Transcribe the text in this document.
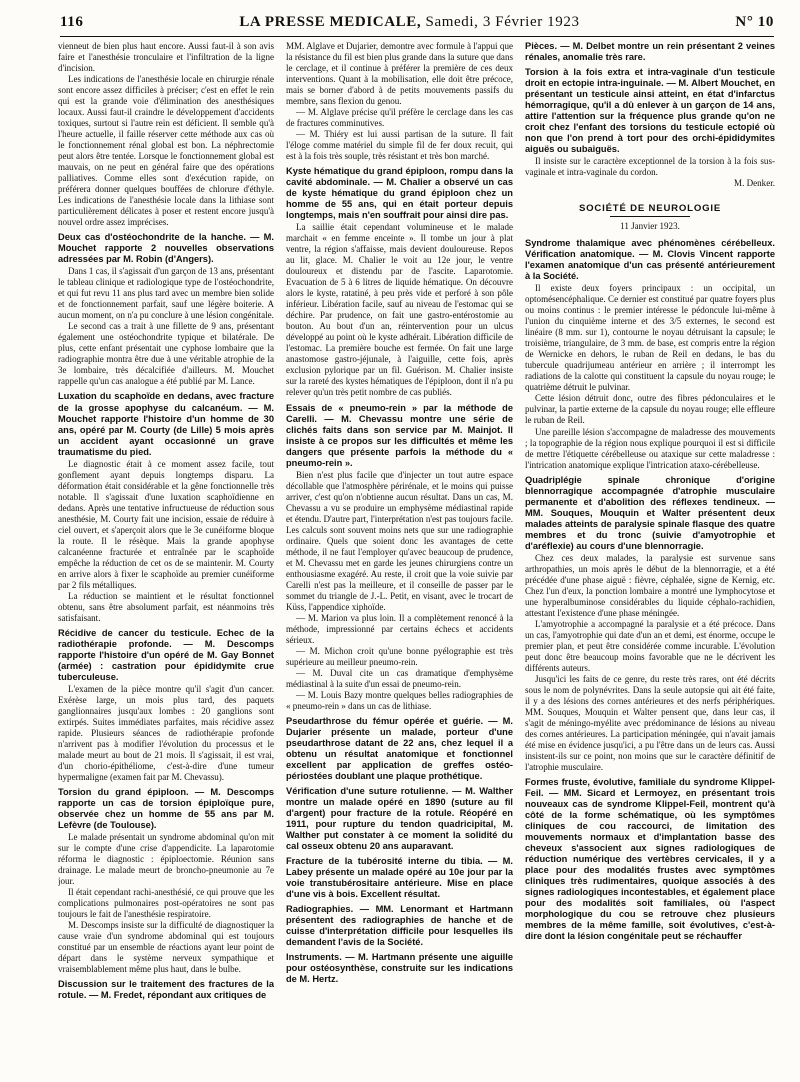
116	LA PRESSE MEDICALE, Samedi, 3 Février 1923	N° 10

vienneut de bien plus haut encore. Aussi faut-il à son avis faire et l'anesthésie tronculaire et l'infiltration de la ligne d'incision.

Les indications de l'anesthésie locale en chirurgie rénale sont encore assez difficiles à préciser; c'est en effet le rein qui est la grande voie d'élimination des anesthésiques locaux. Aussi faut-il craindre le développement d'accidents toxiques, surtout si l'autre rein est déficient. Il semble qu'à l'heure actuelle, il faille réserver cette méthode aux cas où le fonctionnement rénal global est bon. La néphrectomie peut alors être tentée. Lorsque le fonctionnement global est mauvais, on ne peut en général faire que des opérations palliatives. Comme elles sont d'exécution rapide, on préférera donner quelques bouffées de chlorure d'éthyle. Les indications de l'anesthésie locale dans la lithiase sont particulièrement délicates à poser et restent encore jusqu'à nouvel ordre assez imprécises.

Deux cas d'ostéochondrite de la hanche. — M. Mouchet rapporte 2 nouvelles observations adressées par M. Robin (d'Angers).

Dans 1 cas, il s'agissait d'un garçon de 13 ans, présentant le tableau clinique et radiologique type de l'ostéochondrite, et qui fut revu 11 ans plus tard avec un membre bien solide et de fonctionnement parfait, sauf une légère boiterie. A aucun moment, on n'a pu conclure à une lésion congénitale.

Le second cas a trait à une fillette de 9 ans, présentant également une ostéochondrite typique et bilatérale. De plus, cette enfant présentait une cyphose lombaire que la radiographie montra être due à une véritable atrophie de la 3e lombaire, très décalcifiée d'ailleurs. M. Mouchet rappelle qu'un cas analogue a été publié par M. Lance.

Luxation du scaphoïde en dedans, avec fracture de la grosse apophyse du calcanéum. — M. Mouchet rapporte l'histoire d'un homme de 30 ans, opéré par M. Courty (de Lille) 5 mois après un accident ayant occasionné un grave traumatisme du pied.

Le diagnostic était à ce moment assez facile, tout gonflement ayant depuis longtemps disparu. La déformation était considérable et la gêne fonctionnelle très notable. Il s'agissait d'une luxation scaphoïdienne en dedans. Après une tentative infructueuse de réduction sous anesthésie, M. Courty fait une incision, essaie de réduire à ciel ouvert, et s'aperçoit alors que le 3e cunéiforme bloque la route. Il le résèque. Mais la grande apophyse calcanéenne fracturée et entraînée par le scaphoïde empêche la réduction de cet os de se maintenir. M. Courty en arrive alors à fixer le scaphoïde au premier cunéiforme par 2 fils métalliques.

La réduction se maintient et le résultat fonctionnel obtenu, sans être absolument parfait, est néanmoins très satisfaisant.

Récidive de cancer du testicule. Echec de la radiothérapie profonde. — M. Descomps rapporte l'histoire d'un opéré de M. Gay Bonnet (armée) : castration pour épididymite crue tuberculeuse.

L'examen de la pièce montre qu'il s'agit d'un cancer. Exérèse large, un mois plus tard, des paquets ganglionnaires jusqu'aux lombes : 20 ganglions sont extirpés. Suites immédiates parfaites, mais récidive assez rapide. Plusieurs séances de radiothérapie profonde n'arrivent pas à modifier l'évolution du processus et le malade meurt au bout de 21 mois. Il s'agissait, il est vrai, d'un chorio-épithéliome, c'est-à-dire d'une tumeur hypermaligne (examen fait par M. Chevassu).

Torsion du grand épiploon. — M. Descomps rapporte un cas de torsion épiploïque pure, observée chez un homme de 55 ans par M. Lefèvre (de Toulouse).

Le malade présentait un syndrome abdominal qu'on mit sur le compte d'une crise d'appendicite. La laparotomie réforma le diagnostic : épiploectomie. Réunion sans drainage. Le malade meurt de broncho-pneumonie au 7e jour.

Il était cependant rachi-anesthésié, ce qui prouve que les complications pulmonaires post-opératoires ne sont pas toujours le fait de l'anesthésie respiratoire.

M. Descomps insiste sur la difficulté de diagnostiquer la cause vraie d'un syndrome abdominal qui est toujours constitué par un ensemble de réactions ayant leur point de départ dans le système nerveux sympathique et vraisemblablement même plus haut, dans le bulbe.

Discussion sur le traitement des fractures de la rotule. — M. Fredet, répondant aux critiques de

MM. Alglave et Dujarier, demontre avec formule à l'appui que la résistance du fil est bien plus grande dans la suture que dans le cerclage, et il continue à préférer la première de ces deux interventions. Quant à la mobilisation, elle doit être précoce, mais se borner d'abord à de petits mouvements passifs du membre, sans flexion du genou.

— M. Alglave précise qu'il préfère le cerclage dans les cas de fractures comminutives.

— M. Thiéry est lui aussi partisan de la suture. Il fait l'éloge comme matériel du simple fil de fer doux recuit, qui est à la fois très souple, très résistant et très bon marché.

Kyste hématique du grand épiploon, rompu dans la cavité abdominale. — M. Chalier a observé un cas de kyste hématique du grand épiploon chez un homme de 55 ans, qui en était porteur depuis longtemps, mais n'en souffrait pour ainsi dire pas.

La saillie était cependant volumineuse et le malade marchait « en femme enceinte ». Il tombe un jour à plat ventre, la région s'affaisse, mais devient douloureuse. Repos au lit, glace. M. Chalier le voit au 12e jour, le ventre douloureux et distendu par de l'ascite. Laparotomie. Evacuation de 5 à 6 litres de liquide hématique. On découvre alors le kyste, ratatiné, à peu près vide et perforé à son pôle inférieur. Libération facile, sauf au niveau de l'estomac qui se déchire. Par prudence, on fait une gastro-entérostomie au bouton. Au bout d'un an, réintervention pour un ulcus développé au point où le kyste adhérait. Libération difficile de l'estomac. La première bouche est fermée. On fait une large anastomose gastro-jéjunale, à l'aiguille, cette fois, après exclusion pylorique par un fil. Guérison. M. Chalier insiste sur la rareté des kystes hématiques de l'épiploon, dont il n'a pu relever qu'un très petit nombre de cas publiés.

Essais de « pneumo-rein » par la méthode de Carelli. — M. Chevassu montre une série de clichés faits dans son service par M. Mainjot. Il insiste à ce propos sur les difficultés et même les dangers que présente parfois la méthode du « pneumo-rein ».

Bien n'est plus facile que d'injecter un tout autre espace décollable que l'atmosphère périrénale, et le moins qui puisse arriver, c'est qu'on n'obtienne aucun résultat. Dans un cas, M. Chevassu a vu se produire un emphysème médiastinal rapide et étendu. D'autre part, l'interprétation n'est pas toujours facile. Les calculs sont souvent moins nets que sur une radiographie ordinaire. Quels que soient donc les avantages de cette méthode, il ne faut l'employer qu'avec beaucoup de prudence, et M. Chevassu met en garde les jeunes chirurgiens contre un enthousiasme exagéré. Au reste, il croit que la voie suivie par Carelli n'est pas la meilleure, et il conseille de passer par le sommet du triangle de J.-L. Petit, en visant, avec le trocart de Küss, l'appendice xiphoïde.

— M. Marion va plus loin. Il a complètement renoncé à la méthode, impressionné par certains échecs et accidents sérieux.

— M. Michon croit qu'une bonne pyélographie est très supérieure au meilleur pneumo-rein.

— M. Duval cite un cas dramatique d'emphysème médiastinal à la suite d'un essai de pneumo-rein.

— M. Louis Bazy montre quelques belles radiographies de « pneumo-rein » dans un cas de lithiase.

Pseudarthrose du fémur opérée et guérie. — M. Dujarier présente un malade, porteur d'une pseudarthrose datant de 22 ans, chez lequel il a obtenu un résultat anatomique et fonctionnel excellent par application de greffes ostéo-périostées doublant une plaque prothétique.
Vérification d'une suture rotulienne. — M. Walther montre un malade opéré en 1890 (suture au fil d'argent) pour fracture de la rotule. Réopéré en 1911, pour rupture du tendon quadricipital, M. Walther put constater à ce moment la solidité du cal osseux obtenu 20 ans auparavant.
Fracture de la tubérosité interne du tibia. — M. Labey présente un malade opéré au 10e jour par la voie transtubérositaire antérieure. Mise en place d'une vis à bois. Excellent résultat.
Radiographies. — MM. Lenormant et Hartmann présentent des radiographies de hanche et de cuisse d'interprétation difficile pour lesquelles ils demandent l'avis de la Société.
Instruments. — M. Hartmann présente une aiguille pour ostéosynthèse, construite sur les indications de M. Hertz.
Pièces. — M. Delbet montre un rein présentant 2 veines rénales, anomalie très rare.
Torsion à la fois extra et intra-vaginale d'un testicule droit en ectopie intra-inguinale. — M. Albert Mouchet, en présentant un testicule ainsi atteint, en état d'infarctus hémorragique, qu'il a dû enlever à un garçon de 14 ans, attire l'attention sur la fréquence plus grande qu'on ne croit chez l'enfant des torsions du testicule ectopié où non que l'on prend à tort pour des orchi-épididymites aiguës ou subaiguës.

Il insiste sur le caractère exceptionnel de la torsion à la fois sus-vaginale et intra-vaginale du cordon.

M. Denker.

SOCIÉTÉ DE NEUROLOGIE
11 Janvier 1923.
Syndrome thalamique avec phénomènes cérébelleux. Vérification anatomique. — M. Clovis Vincent rapporte l'examen anatomique d'un cas présenté antérieurement à la Société.

Il existe deux foyers principaux : un occipital, un optomésencéphalique. Ce dernier est constitué par quatre foyers plus ou moins continus : le premier intéresse le pédoncule lui-même à l'union du cinquième interne et des 3/5 externes, le second est linéaire (8 mm. sur 1), contourne le noyau détruisant la capsule; le troisième, triangulaire, de 3 mm. de base, est compris entre la région de Wernicke en dehors, le ruban de Reil en dedans, le bas du tubercule quadrijumeau antérieur en arrière ; il interrompt les radiations de la calotte qui constituent la capsule du noyau rouge; le quatrième détruit le pulvinar.

Cette lésion détruit donc, outre des fibres pédonculaires et le pulvinar, la partie externe de la capsule du noyau rouge; elle effleure le ruban de Reil.

Une pareille lésion s'accompagne de maladresse des mouvements ; la topographie de la région nous explique pourquoi il est si difficile de mettre l'étiquette cérébelleuse ou ataxique sur cette maladresse : l'intrication anatomique explique l'intrication ataxo-cérébelleuse.

Quadriplégie spinale chronique d'origine blennorragique accompagnée d'atrophie musculaire permanente et d'abolition des réflexes tendineux. — MM. Souques, Mouquin et Walter présentent deux malades atteints de paralysie spinale flasque des quatre membres et du tronc (suivie d'amyotrophie et d'aréflexie) au cours d'une blennorragie.

Chez ces deux malades, la paralysie est survenue sans arthropathies, un mois après le début de la blennorragie, et a été précédée d'une phase aiguë : fièvre, céphalée, signe de Kernig, etc. Chez l'un d'eux, la ponction lombaire a montré une lymphocytose et une hyperalbuminose considérables du liquide céphalo-rachidien, attestant l'existence d'une phase méningée.

L'amyotrophie a accompagné la paralysie et a été précoce. Dans un cas, l'amyotrophie qui date d'un an et demi, est énorme, occupe le premier plan, et peut être considérée comme incurable. L'évolution peut donc être beaucoup moins favorable que ne le décrivent les différents auteurs.

Jusqu'ici les faits de ce genre, du reste très rares, ont été décrits sous le nom de polynévrites. Dans la seule autopsie qui ait été faite, il y a des lésions des cornes antérieures et des nerfs périphériques. MM. Souques, Mouquin et Walter pensent que, dans leur cas, il s'agit de méningo-myélite avec prédominance de lésions au niveau des cornes antérieures. La participation méningée, qui n'avait jamais été mise en évidence jusqu'ici, a pu l'être dans un de leurs cas. Aussi insistent-ils sur ce point, non moins que sur le caractère définitif de l'atrophie musculaire.

Formes fruste, évolutive, familiale du syndrome Klippel-Feil. — MM. Sicard et Lermoyez, en présentant trois nouveaux cas de syndrome Klippel-Feil, montrent qu'à côté de la forme schématique, où les symptômes cliniques de cou raccourci, de limitation des mouvements normaux et d'implantation basse des cheveux s'associent aux signes radiologiques de réduction numérique des vertèbres cervicales, il y a place pour des modalités frustes avec symptômes cliniques très rudimentaires, quoique associés à des signes radiologiques incontestables, et également place pour des modalités soit familiales, où l'aspect morphologique du cou se retrouve chez plusieurs membres de la même famille, soit évolutives, c'est-à-dire dont la lésion congénitale peut se réchauffer
